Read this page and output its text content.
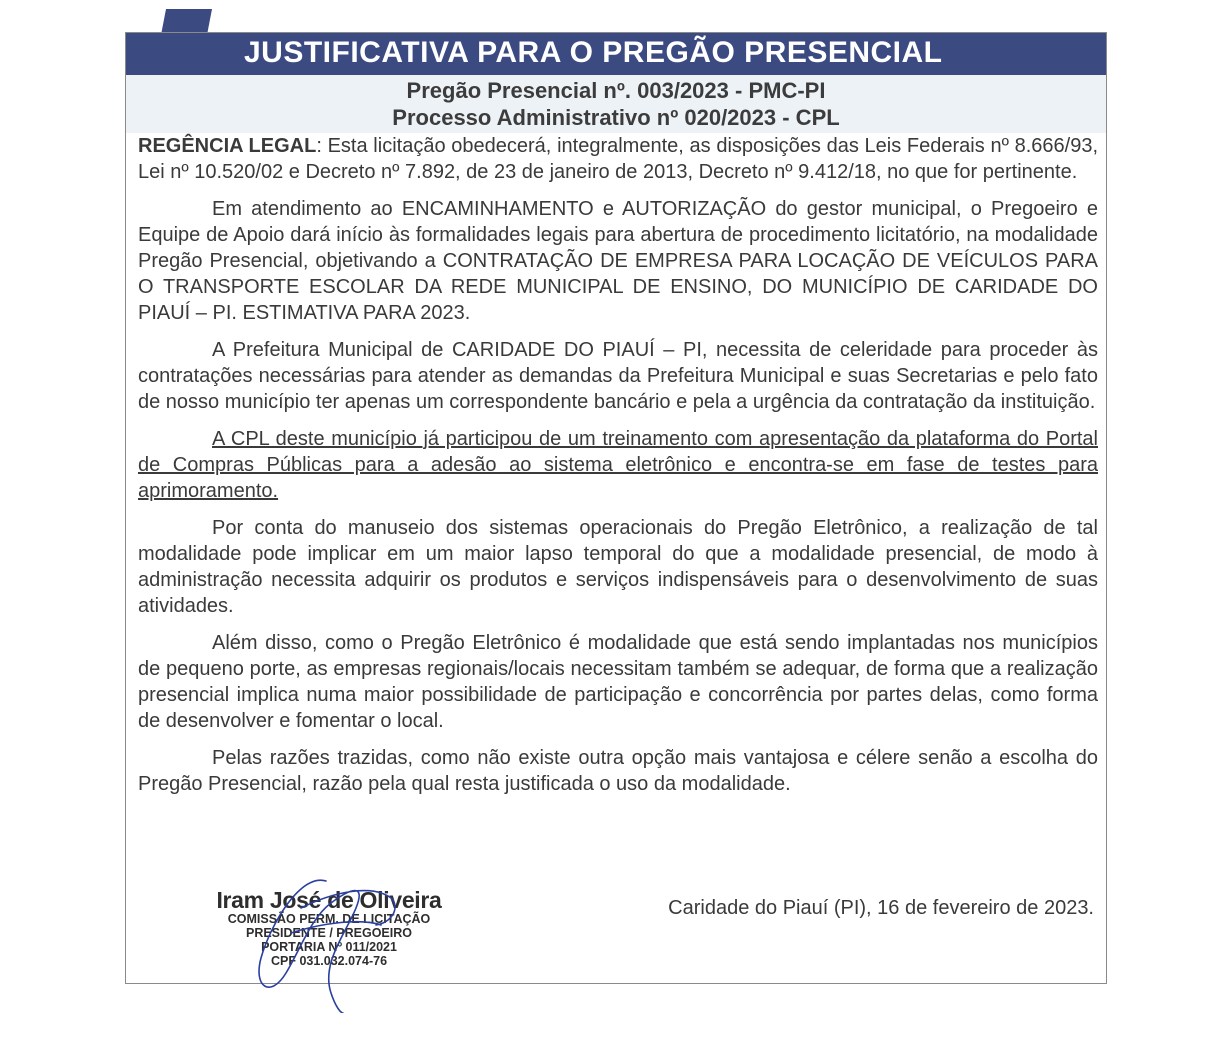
JUSTIFICATIVA PARA O PREGÃO PRESENCIAL
Pregão Presencial nº. 003/2023 - PMC-PI
Processo Administrativo nº 020/2023 - CPL

REGÊNCIA LEGAL: Esta licitação obedecerá, integralmente, as disposições das Leis Federais nº 8.666/93, Lei nº 10.520/02 e Decreto nº 7.892, de 23 de janeiro de 2013, Decreto nº 9.412/18, no que for pertinente.

Em atendimento ao ENCAMINHAMENTO e AUTORIZAÇÃO do gestor municipal, o Pregoeiro e Equipe de Apoio dará início às formalidades legais para abertura de procedimento licitatório, na modalidade Pregão Presencial, objetivando a CONTRATAÇÃO DE EMPRESA PARA LOCAÇÃO DE VEÍCULOS PARA O TRANSPORTE ESCOLAR DA REDE MUNICIPAL DE ENSINO, DO MUNICÍPIO DE CARIDADE DO PIAUÍ – PI. ESTIMATIVA PARA 2023.

A Prefeitura Municipal de CARIDADE DO PIAUÍ – PI, necessita de celeridade para proceder às contratações necessárias para atender as demandas da Prefeitura Municipal e suas Secretarias e pelo fato de nosso município ter apenas um correspondente bancário e pela a urgência da contratação da instituição.

A CPL deste município já participou de um treinamento com apresentação da plataforma do Portal de Compras Públicas para a adesão ao sistema eletrônico e encontra-se em fase de testes para aprimoramento.

Por conta do manuseio dos sistemas operacionais do Pregão Eletrônico, a realização de tal modalidade pode implicar em um maior lapso temporal do que a modalidade presencial, de modo à administração necessita adquirir os produtos e serviços indispensáveis para o desenvolvimento de suas atividades.

Além disso, como o Pregão Eletrônico é modalidade que está sendo implantadas nos municípios de pequeno porte, as empresas regionais/locais necessitam também se adequar, de forma que a realização presencial implica numa maior possibilidade de participação e concorrência por partes delas, como forma de desenvolver e fomentar o local.

Pelas razões trazidas, como não existe outra opção mais vantajosa e célere senão a escolha do Pregão Presencial, razão pela qual resta justificada o uso da modalidade.

Iram José de Oliveira
COMISSÃO PERM. DE LICITAÇÃO
PRESIDENTE / PREGOEIRO
PORTARIA Nº 011/2021
CPF 031.032.074-76
Caridade do Piauí (PI), 16 de fevereiro de 2023.
